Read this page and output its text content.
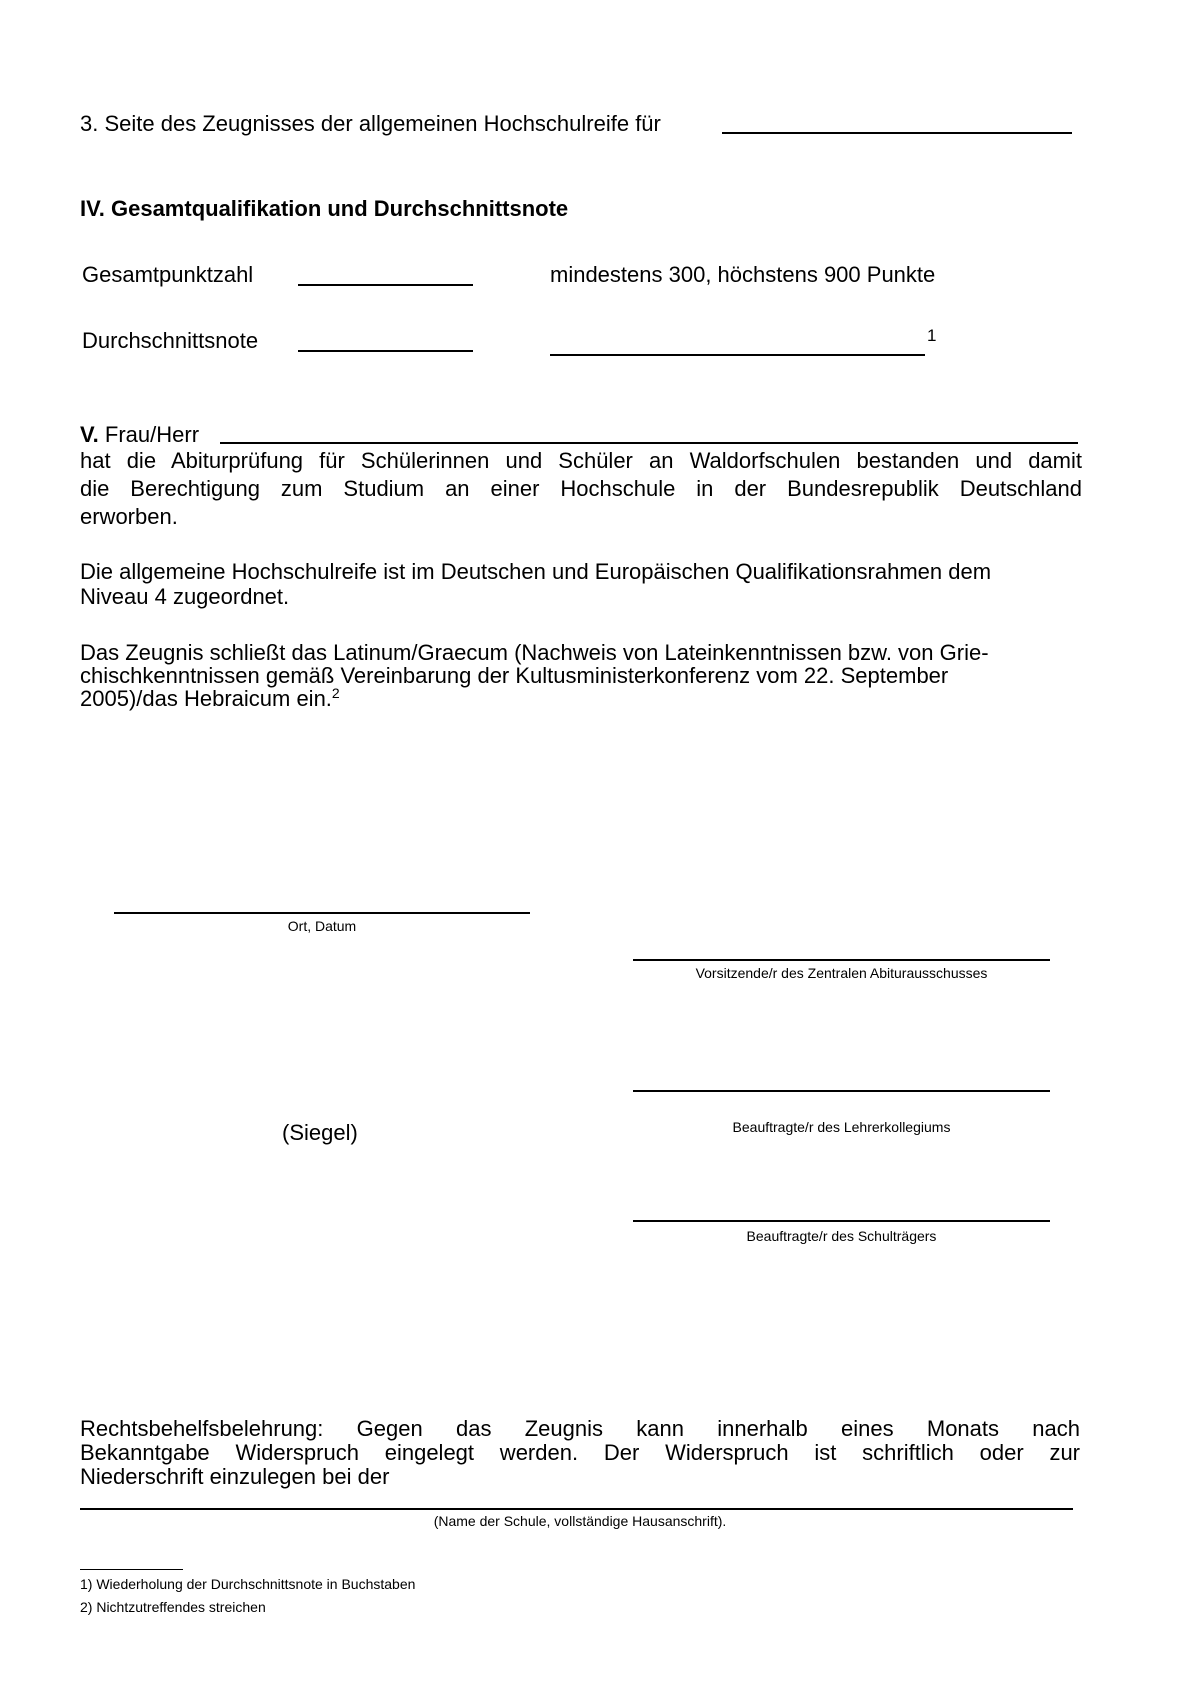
3. Seite des Zeugnisses der allgemeinen Hochschulreife für
IV. Gesamtqualifikation und Durchschnittsnote
Gesamtpunktzahl	mindestens 300, höchstens 900 Punkte
Durchschnittsnote	1
V. Frau/Herr
hat die Abiturprüfung für Schülerinnen und Schüler an Waldorfschulen bestanden und damit
die Berechtigung zum Studium an einer Hochschule in der Bundesrepublik Deutschland
erworben.
Die allgemeine Hochschulreife ist im Deutschen und Europäischen Qualifikationsrahmen dem
Niveau 4 zugeordnet.
Das Zeugnis schließt das Latinum/Graecum (Nachweis von Lateinkenntnissen bzw. von Grie-
chischkenntnissen gemäß Vereinbarung der Kultusministerkonferenz vom 22. September
2005)/das Hebraicum ein.$^2$
Ort, Datum
Vorsitzende/r des Zentralen Abiturausschusses
(Siegel)	Beauftragte/r des Lehrerkollegiums
Beauftragte/r des Schulträgers
Rechtsbehelfsbelehrung: Gegen das Zeugnis kann innerhalb eines Monats nach
Bekanntgabe Widerspruch eingelegt werden. Der Widerspruch ist schriftlich oder zur
Niederschrift einzulegen bei der
(Name der Schule, vollständige Hausanschrift).
1) Wiederholung der Durchschnittsnote in Buchstaben
2) Nichtzutreffendes streichen
